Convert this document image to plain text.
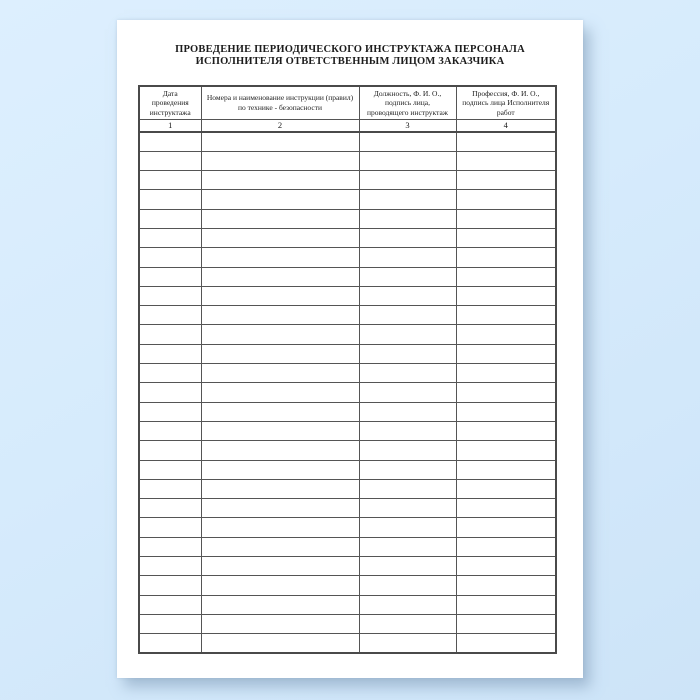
ПРОВЕДЕНИЕ ПЕРИОДИЧЕСКОГО ИНСТРУКТАЖА ПЕРСОНАЛА
ИСПОЛНИТЕЛЯ ОТВЕТСТВЕННЫМ ЛИЦОМ ЗАКАЗЧИКА
Дата проведения инструктажа	Номера и наименование инструкции (правил) по технике - безопасности	Должность, Ф. И. О., подпись лица, проводящего инструктаж	Профессия, Ф. И. О., подпись лица Исполнителя работ
1	2	3	4
